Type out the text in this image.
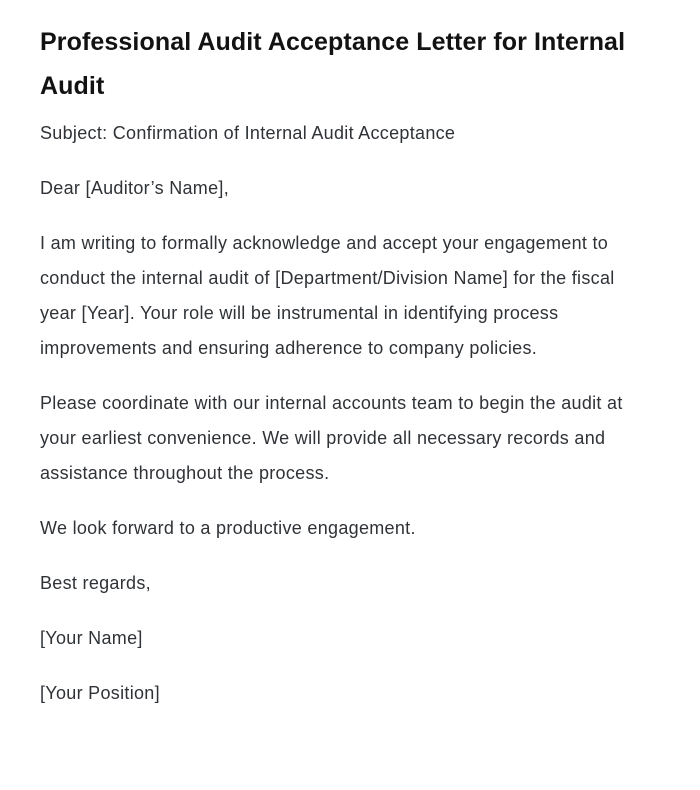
Professional Audit Acceptance Letter for Internal Audit

Subject: Confirmation of Internal Audit Acceptance

Dear [Auditor’s Name],

I am writing to formally acknowledge and accept your engagement to conduct the internal audit of [Department/Division Name] for the fiscal year [Year]. Your role will be instrumental in identifying process improvements and ensuring adherence to company policies.

Please coordinate with our internal accounts team to begin the audit at your earliest convenience. We will provide all necessary records and assistance throughout the process.

We look forward to a productive engagement.

Best regards,

[Your Name]

[Your Position]
